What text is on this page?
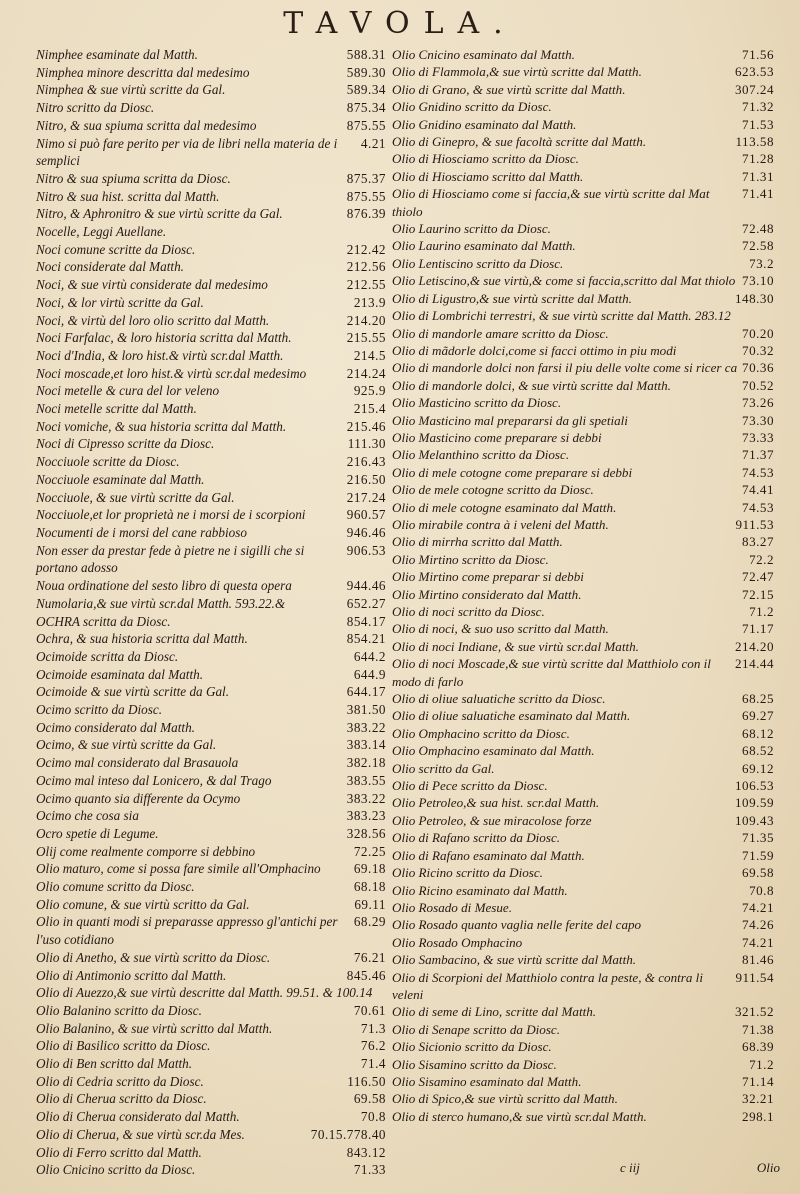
TAVOLA.
Nimphee esaminate dal Matth.	588.31
Nimphea minore descritta dal medesimo	589.30
Nimphea & sue virtù scritte da Gal.	589.34
Nitro scritto da Diosc.	875.34
Nitro, & sua spiuma scritta dal medesimo	875.55
Nimo si può fare perito per via de libri nella materia de i semplici
4.21
Nitro & sua spiuma scritta da Diosc.	875.37
Nitro & sua hist. scritta dal Matth.	875.55
Nitro, & Aphronitro & sue virtù scritte da Gal.	876.39
Nocelle, Leggi Auellane.
Noci comune scritte da Diosc.	212.42
Noci considerate dal Matth.	212.56
Noci, & sue virtù considerate dal medesimo	212.55
Noci, & lor virtù scritte da Gal.	213.9
Noci, & virtù del loro olio scritto dal Matth.	214.20
Noci Farfalac, & loro historia scritta dal Matth.	215.55
Noci d'India, & loro hist.& virtù scr.dal Matth.	214.5
Noci moscade,et loro hist.& virtù scr.dal medesimo	214.24
Noci metelle & cura del lor veleno	925.9
Noci metelle scritte dal Matth.	215.4
Noci vomiche, & sua historia scritta dal Matth.	215.46
Noci di Cipresso scritte da Diosc.	111.30
Nocciuole scritte da Diosc.	216.43
Nocciuole esaminate dal Matth.	216.50
Nocciuole, & sue virtù scritte da Gal.	217.24
Nocciuole,et lor proprietà ne i morsi de i scorpioni	960.57
Nocumenti de i morsi del cane rabbioso	946.46
Non esser da prestar fede à pietre ne i sigilli che si portano adosso
906.53
Noua ordinatione del sesto libro di questa opera	944.46
Numolaria,& sue virtù scr.dal Matth. 593.22.&	652.27
OCHRA scritta da Diosc.	854.17
Ochra, & sua historia scritta dal Matth.	854.21
Ocimoide scritta da Diosc.	644.2
Ocimoide esaminata dal Matth.	644.9
Ocimoide & sue virtù scritte da Gal.	644.17
Ocimo scritto da Diosc.	381.50
Ocimo considerato dal Matth.	383.22
Ocimo, & sue virtù scritte da Gal.	383.14
Ocimo mal considerato dal Brasauola	382.18
Ocimo mal inteso dal Lonicero, & dal Trago	383.55
Ocimo quanto sia differente da Ocymo	383.22
Ocimo che cosa sia	383.23
Ocro spetie di Legume.	328.56
Olij come realmente comporre si debbino	72.25
Olio maturo, come si possa fare simile all'Omphacino	69.18
Olio comune scritto da Diosc.	68.18
Olio comune, & sue virtù scritto da Gal.	69.11
Olio in quanti modi si preparasse appresso gl'antichi per l'uso cotidiano
68.29
Olio di Anetho, & sue virtù scritto da Diosc.	76.21
Olio di Antimonio scritto dal Matth.	845.46
Olio di Auezzo,& sue virtù descritte dal Matth. 99.51. & 100.14
Olio Balanino scritto da Diosc.	70.61
Olio Balanino, & sue virtù scritto dal Matth.	71.3
Olio di Basilico scritto da Diosc.	76.2
Olio di Ben scritto dal Matth.	71.4
Olio di Cedria scritto da Diosc.	116.50
Olio di Cherua scritto da Diosc.	69.58
Olio di Cherua considerato dal Matth.	70.8
Olio di Cherua, & sue virtù scr.da Mes.	70.15.778.40
Olio di Ferro scritto dal Matth.	843.12
Olio Cnicino scritto da Diosc.	71.33
Olio Cnicino esaminato dal Matth.	71.56
Olio di Flammola,& sue virtù scritte dal Matth.	623.53
Olio di Grano, & sue virtù scritte dal Matth.	307.24
Olio Gnidino scritto da Diosc.	71.32
Olio Gnidino esaminato dal Matth.	71.53
Olio di Ginepro, & sue facoltà scritte dal Matth.	113.58
Olio di Hiosciamo scritto da Diosc.	71.28
Olio di Hiosciamo scritto dal Matth.	71.31
Olio di Hiosciamo come si faccia,& sue virtù scritte dal Mat thiolo
71.41
Olio Laurino scritto da Diosc.	72.48
Olio Laurino esaminato dal Matth.	72.58
Olio Lentiscino scritto da Diosc.	73.2
Olio Letiscino,& sue virtù,& come si faccia,scritto dal Mat thiolo 73.10
Olio di Ligustro,& sue virtù scritte dal Matth.	148.30
Olio di Lombrichi terrestri, & sue virtù scritte dal Matth. 283.12
Olio di mandorle amare scritto da Diosc.	70.20
Olio di mãdorle dolci,come si facci ottimo in piu modi	70.32
Olio di mandorle dolci non farsi il piu delle volte come si ricer ca 70.36
Olio di mandorle dolci, & sue virtù scritte dal Matth.	70.52
Olio Masticino scritto da Diosc.	73.26
Olio Masticino mal prepararsi da gli spetiali	73.30
Olio Masticino come preparare si debbi	73.33
Olio Melanthino scritto da Diosc.	71.37
Olio di mele cotogne come preparare si debbi	74.53
Olio de mele cotogne scritto da Diosc.	74.41
Olio di mele cotogne esaminato dal Matth.	74.53
Olio mirabile contra à i veleni del Matth.	911.53
Olio di mirrha scritto dal Matth.	83.27
Olio Mirtino scritto da Diosc.	72.2
Olio Mirtino come preparar si debbi	72.47
Olio Mirtino considerato dal Matth.	72.15
Olio di noci scritto da Diosc.	71.2
Olio di noci, & suo uso scritto dal Matth.	71.17
Olio di noci Indiane, & sue virtù scr.dal Matth.	214.20
Olio di noci Moscade,& sue virtù scritte dal Matthiolo con il modo di farlo
214.44
Olio di oliue saluatiche scritto da Diosc.	68.25
Olio di oliue saluatiche esaminato dal Matth.	69.27
Olio Omphacino scritto da Diosc.	68.12
Olio Omphacino esaminato dal Matth.	68.52
Olio scritto da Gal.	69.12
Olio di Pece scritto da Diosc.	106.53
Olio Petroleo,& sua hist. scr.dal Matth.	109.59
Olio Petroleo, & sue miracolose forze	109.43
Olio di Rafano scritto da Diosc.	71.35
Olio di Rafano esaminato dal Matth.	71.59
Olio Ricino scritto da Diosc.	69.58
Olio Ricino esaminato dal Matth.	70.8
Olio Rosado di Mesue.	74.21
Olio Rosado quanto vaglia nelle ferite del capo	74.26
Olio Rosado Omphacino	74.21
Olio Sambacino, & sue virtù scritte dal Matth.	81.46
Olio di Scorpioni del Matthiolo contra la peste, & contra li veleni
911.54
Olio di seme di Lino, scritte dal Matth.	321.52
Olio di Senape scritto da Diosc.	71.38
Olio Sicionio scritto da Diosc.	68.39
Olio Sisamino scritto da Diosc.	71.2
Olio Sisamino esaminato dal Matth.	71.14
Olio di Spico,& sue virtù scritto dal Matth.	32.21
Olio di sterco humano,& sue virtù scr.dal Matth.	298.1
c iij	Olio
